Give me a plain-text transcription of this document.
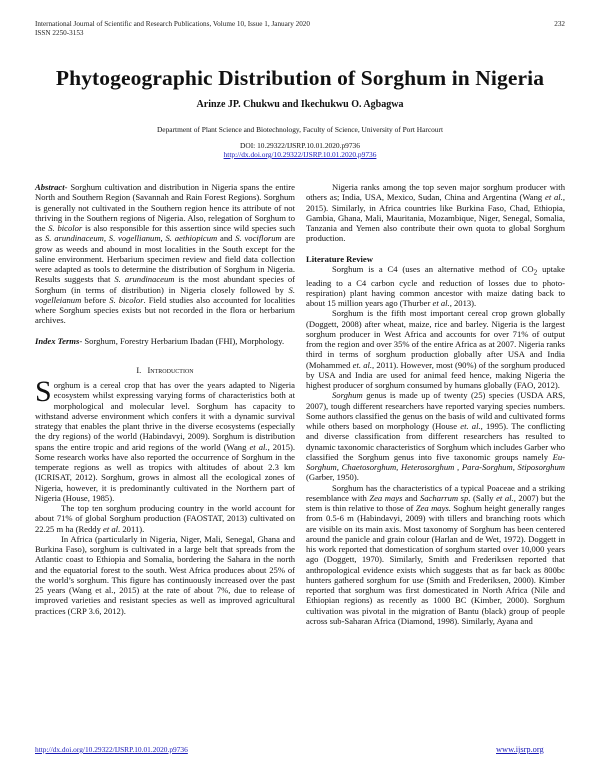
International Journal of Scientific and Research Publications, Volume 10, Issue 1, January 2020
ISSN 2250-3153
232
Phytogeographic Distribution of Sorghum in Nigeria
Arinze JP. Chukwu and Ikechukwu O. Agbagwa
Department of Plant Science and Biotechnology, Faculty of Science, University of Port Harcourt
DOI: 10.29322/IJSRP.10.01.2020.p9736
http://dx.doi.org/10.29322/IJSRP.10.01.2020.p9736

Abstract- Sorghum cultivation and distribution in Nigeria spans the entire North and Southern Region (Savannah and Rain Forest Regions). Sorghum is generally not cultivated in the Southern region hence its attribute of not thriving in the Southern regions of Nigeria. Also, relegation of Sorghum to the S. bicolor is also responsible for this assertion since wild species such as S. arundinaceum, S. vogellianum, S. aethiopicum and S. vociflorum are grow as weeds and abound in most localities in the South except for the saline environment. Herbarium specimen review and field data collection were adapted as tools to determine the distribution of Sorghum in Nigeria. Results suggests that S. arundinaceum is the most abundant species of Sorghum (in terms of distribution) in Nigeria closely followed by S. vogelleianum before S. bicolor. Field studies also accounted for localities where Sorghum species exists but not recorded in the flora or herbarium archives.

Index Terms- Sorghum, Forestry Herbarium Ibadan (FHI), Morphology.

I. Introduction

Sorghum is a cereal crop that has over the years adapted to Nigeria ecosystem whilst expressing varying forms of characteristics both at morphological and molecular level. Sorghum has capacity to withstand adverse environment which confers it with a dynamic survival strategy that enables the plant thrive in the diverse ecosystems (especially the dry regions) of the world (Habindavyi, 2009). Sorghum is distribution spans the entire tropic and arid regions of the world (Wang et al., 2015). Some research works have also reported the occurrence of Sorghum in the temperate regions as well as tropics with altitudes of about 2.3 km (ICRISAT, 2012). Sorghum, grows in almost all the ecological zones of Nigeria, however, it is predominantly cultivated in the Northern part of Nigeria (House, 1985).

The top ten sorghum producing country in the world account for about 71% of global Sorghum production (FAOSTAT, 2013) cultivated on 22.25 m ha (Reddy et al. 2011).

In Africa (particularly in Nigeria, Niger, Mali, Senegal, Ghana and Burkina Faso), sorghum is cultivated in a large belt that spreads from the Atlantic coast to Ethiopia and Somalia, bordering the Sahara in the north and the equatorial forest to the south. West Africa produces about 25% of the world’s sorghum. This figure has continuously increased over the past 25 years (Wang et al., 2015) at the rate of about 7%, due to release of improved varieties and resistant species as well as improved agricultural practices (CRP 3.6, 2012).

Nigeria ranks among the top seven major sorghum producer with others as; India, USA, Mexico, Sudan, China and Argentina (Wang et al., 2015). Similarly, in Africa countries like Burkina Faso, Chad, Ethiopia, Gambia, Ghana, Mali, Mauritania, Mozambique, Niger, Senegal, Somalia, Tanzania and Yemen also contribute their own quota to global Sorghum production.

Literature Review

Sorghum is a C4 (uses an alternative method of $CO_2$ uptake leading to a C4 carbon cycle and reduction of losses due to photo-respiration) plant having common ancestor with maize dating back to about 15 million years ago (Thurber et al., 2013).

Sorghum is the fifth most important cereal crop grown globally (Doggett, 2008) after wheat, maize, rice and barley. Nigeria is the largest sorghum producer in West Africa and accounts for over 71% of output from the region and over 35% of the entire Africa as at 2007. Nigeria ranks third in terms of sorghum production globally after USA and India (Mohammed et. al., 2011). However, most (90%) of the sorghum produced by USA and India are used for animal feed hence, making Nigeria the highest producer of sorghum consumed by humans globally (FAO, 2012).

Sorghum genus is made up of twenty (25) species (USDA ARS, 2007), tough different researchers have reported varying species numbers. Some authors classified the genus on the basis of wild and cultivated forms while others based on morphology (House et. al., 1995). The conflicting and diverse classification from different researchers has resulted to dynamic taxonomic characteristics of Sorghum which includes Garber who classified the Sorghum genus into five taxonomic groups namely Eu-Sorghum, Chaetosorghum, Heterosorghum , Para-Sorghum, Stiposorghum (Garber, 1950).

Sorghum has the characteristics of a typical Poaceae and a striking resemblance with Zea mays and Sacharrum sp. (Sally et al., 2007) but the stem is thin relative to those of Zea mays. Soghum height generally ranges from 0.5-6 m (Habindavyi, 2009) with tillers and branching roots which are visible on its main axis. Most taxonomy of Sorghum has been centered around the panicle and grain colour (Harlan and de Wet, 1972). Doggett in his work reported that domestication of sorghum started over 10,000 years ago (Doggett, 1970). Similarly, Smith and Frederiksen reported that anthropological evidence exists which suggests that as far back as 800bc hunters gathered sorghum for use (Smith and Frederiksen, 2000). Kimber reported that sorghum was first domesticated in North Africa (Nile and Ethiopian regions) as recently as 1000 BC (Kimber, 2000). Sorghum cultivation was pivotal in the migration of Bantu (black) group of people across sub-Saharan Africa (Diamond, 1998). Similarly, Ayana and

http://dx.doi.org/10.29322/IJSRP.10.01.2020.p9736	www.ijsrp.org
